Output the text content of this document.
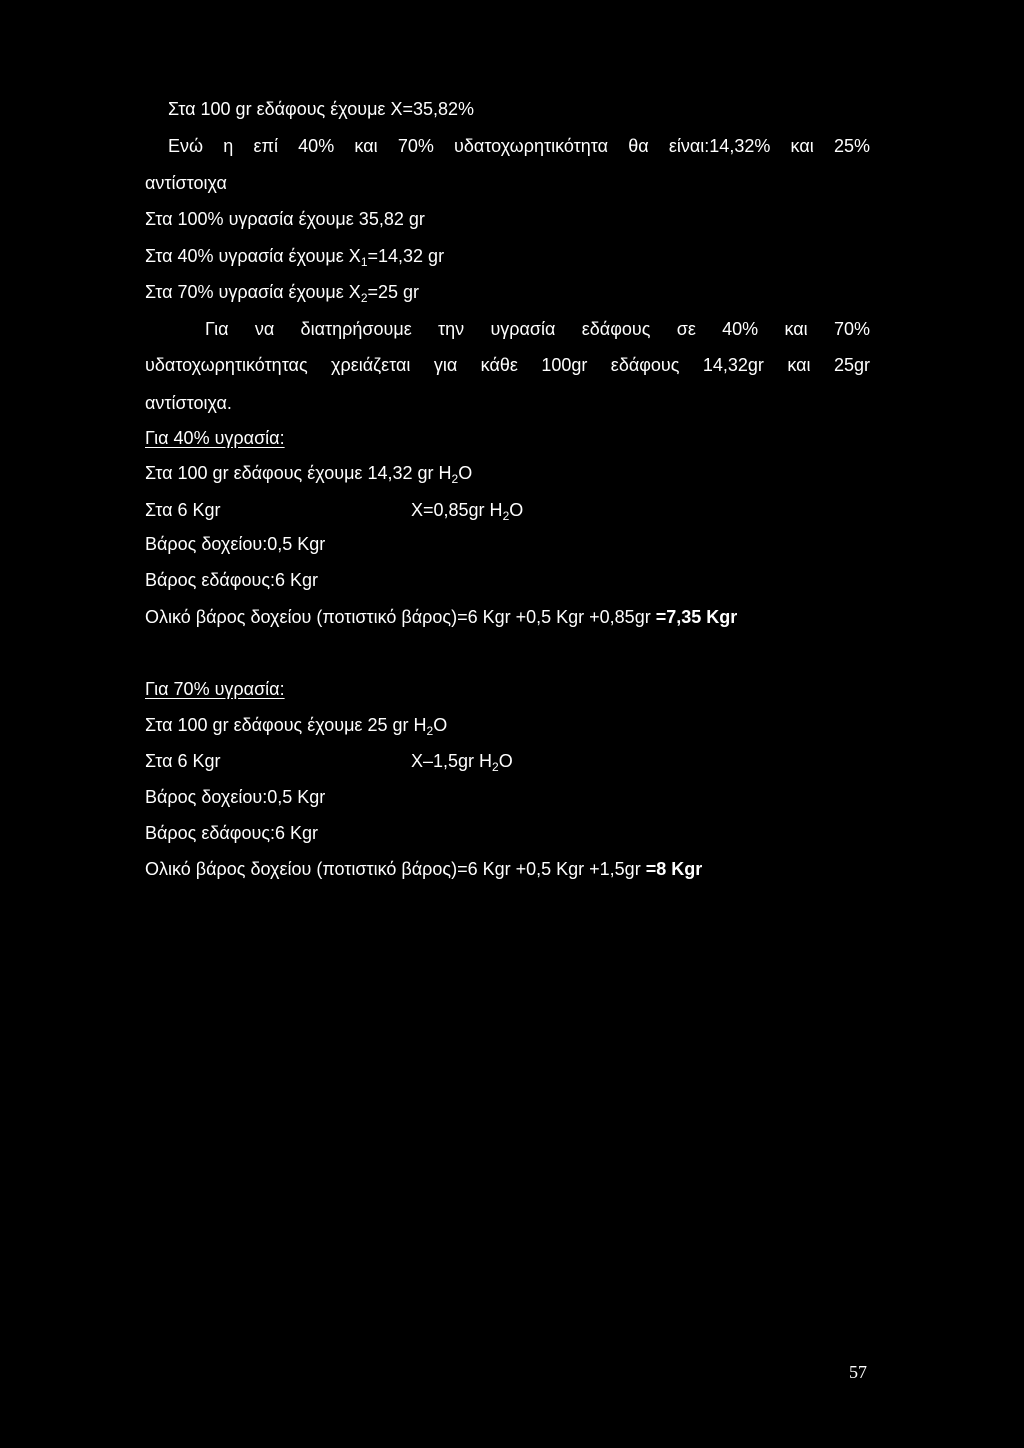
Στα 100 gr εδάφους έχουμε Χ=35,82%
Ενώ η επί 40% και 70% υδατοχωρητικότητα θα είναι:14,32% και 25%
αντίστοιχα
Στα 100% υγρασία έχουμε 35,82 gr
Στα 40% υγρασία έχουμε $X_1=14,32$ gr
Στα 70% υγρασία έχουμε $X_2=25$ gr
Για να διατηρήσουμε την υγρασία εδάφους σε 40% και 70%
υδατοχωρητικότητας χρειάζεται για κάθε 100gr εδάφους 14,32gr και 25gr
αντίστοιχα.
Για 40% υγρασία:
Στα 100 gr εδάφους έχουμε 14,32 gr $H_2O$
Στα 6 Kgr	X=0,85gr $H_2O$
Βάρος δοχείου:0,5 Kgr
Βάρος εδάφους:6 Kgr
Ολικό βάρος δοχείου (ποτιστικό βάρος)=6 Kgr +0,5 Kgr +0,85gr =7,35 Kgr
Για 70% υγρασία:
Στα 100 gr εδάφους έχουμε 25 gr $H_2O$
Στα 6 Kgr	X–1,5gr $H_2O$
Βάρος δοχείου:0,5 Kgr
Βάρος εδάφους:6 Kgr
Ολικό βάρος δοχείου (ποτιστικό βάρος)=6 Kgr +0,5 Kgr +1,5gr =8 Kgr
57
